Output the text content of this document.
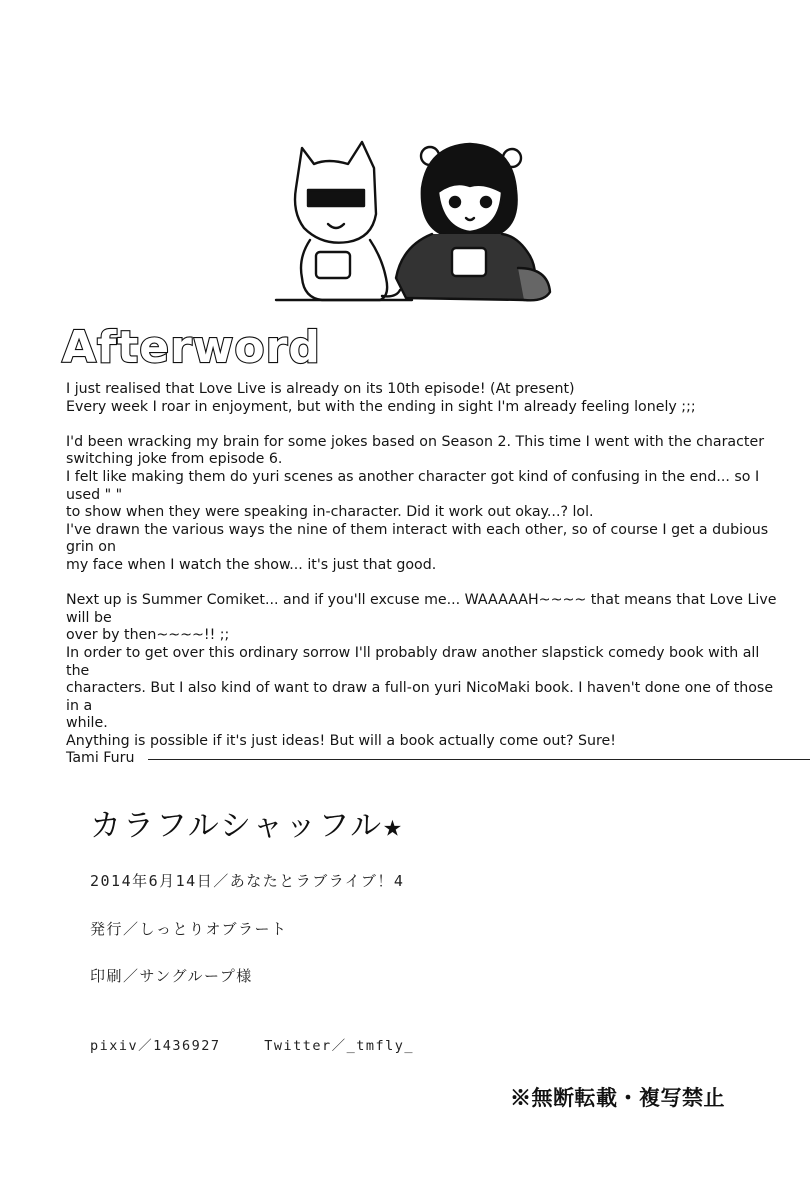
Afterword

I just realised that Love Live is already on its 10th episode! (At present)

Every week I roar in enjoyment, but with the ending in sight I'm already feeling lonely ;;;

I'd been wracking my brain for some jokes based on Season 2. This time I went with the character

switching joke from episode 6.

I felt like making them do yuri scenes as another character got kind of confusing in the end... so I used " "

to show when they were speaking in-character. Did it work out okay...? lol.

I've drawn the various ways the nine of them interact with each other, so of course I get a dubious grin on

my face when I watch the show... it's just that good.

Next up is Summer Comiket... and if you'll excuse me... WAAAAAH~~~~ that means that Love Live will be

over by then~~~~!! ;;

In order to get over this ordinary sorrow I'll probably draw another slapstick comedy book with all the

characters. But I also kind of want to draw a full-on yuri NicoMaki book. I haven't done one of those in a

while.

Anything is possible if it's just ideas! But will a book actually come out? Sure!

Tami Furu

カラフルシャッフル★
2014年6月14日／あなたとラブライブ！4
発行／しっとりオブラート
印刷／サングループ様
pixiv／1436927	Twitter／_tmfly_
※無断転載・複写禁止
